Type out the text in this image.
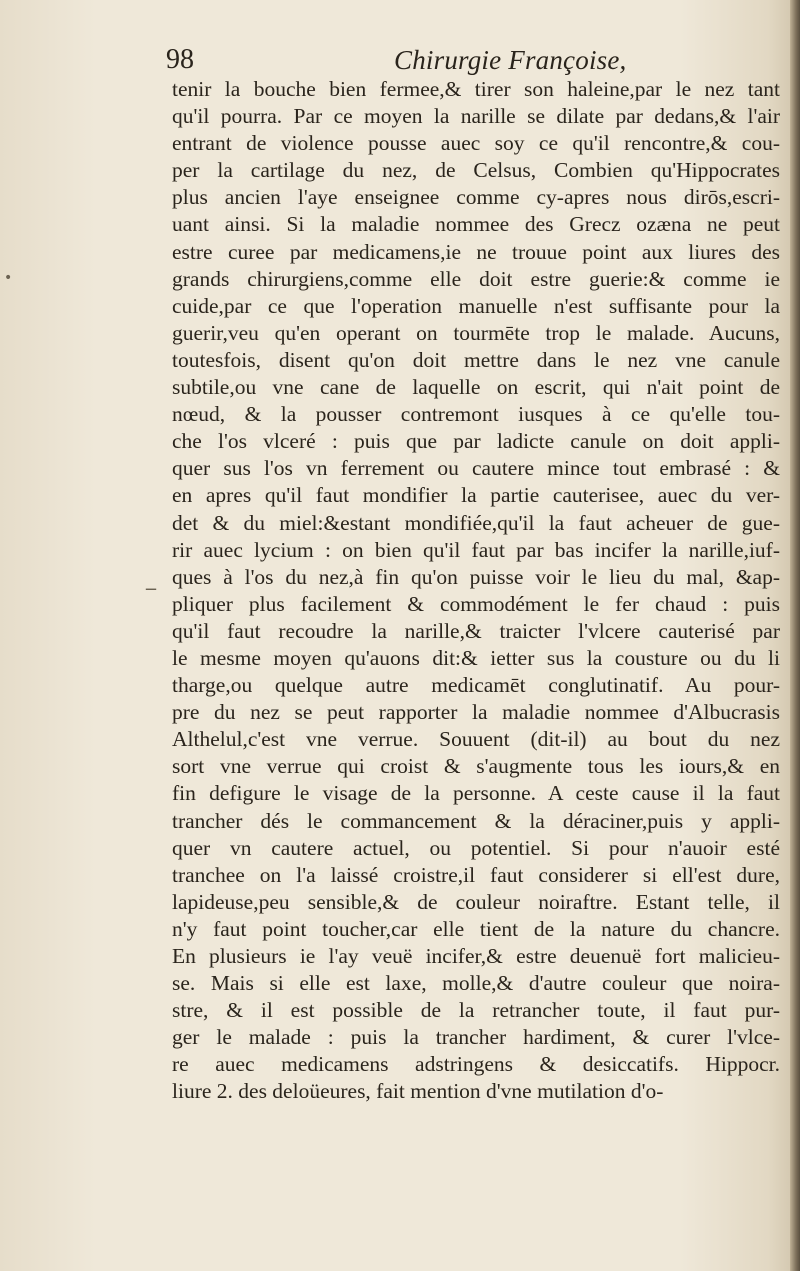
98	Chirurgie Françoise,
•
_
tenir la bouche bien fermee,& tirer son haleine,par le nez tant
qu'il pourra. Par ce moyen la narille se dilate par dedans,& l'air
entrant de violence pousse auec soy ce qu'il rencontre,& cou-
per la cartilage du nez, de Celsus, Combien qu'Hippocrates
plus ancien l'aye enseignee comme cy-apres nous dirōs,escri-
uant ainsi. Si la maladie nommee des Grecz ozæna ne peut
estre curee par medicamens,ie ne trouue point aux liures des
grands chirurgiens,comme elle doit estre guerie:& comme ie
cuide,par ce que l'operation manuelle n'est suffisante pour la
guerir,veu qu'en operant on tourmēte trop le malade. Aucuns,
toutesfois, disent qu'on doit mettre dans le nez vne canule
subtile,ou vne cane de laquelle on escrit, qui n'ait point de
nœud, & la pousser contremont iusques à ce qu'elle tou-
che l'os vlceré : puis que par ladicte canule on doit appli-
quer sus l'os vn ferrement ou cautere mince tout embrasé : &
en apres qu'il faut mondifier la partie cauterisee, auec du ver-
det & du miel:&estant mondifiée,qu'il la faut acheuer de gue-
rir auec lycium : on bien qu'il faut par bas incifer la narille,iuf-
ques à l'os du nez,à fin qu'on puisse voir le lieu du mal, &ap-
pliquer plus facilement & commodément le fer chaud : puis
qu'il faut recoudre la narille,& traicter l'vlcere cauterisé par
le mesme moyen qu'auons dit:& ietter sus la cousture ou du li
tharge,ou quelque autre medicamēt conglutinatif. Au pour-
pre du nez se peut rapporter la maladie nommee d'Albucrasis
Althelul,c'est vne verrue. Souuent (dit-il) au bout du nez
sort vne verrue qui croist & s'augmente tous les iours,& en
fin defigure le visage de la personne. A ceste cause il la faut
trancher dés le commancement & la déraciner,puis y appli-
quer vn cautere actuel, ou potentiel. Si pour n'auoir esté
tranchee on l'a laissé croistre,il faut considerer si ell'est dure,
lapideuse,peu sensible,& de couleur noiraftre. Estant telle, il
n'y faut point toucher,car elle tient de la nature du chancre.
En plusieurs ie l'ay veuë incifer,& estre deuenuë fort malicieu-
se. Mais si elle est laxe, molle,& d'autre couleur que noira-
stre, & il est possible de la retrancher toute, il faut pur-
ger le malade : puis la trancher hardiment, & curer l'vlce-
re auec medicamens adstringens & desiccatifs. Hippocr.
liure 2. des deloüeures, fait mention d'vne mutilation d'o-
